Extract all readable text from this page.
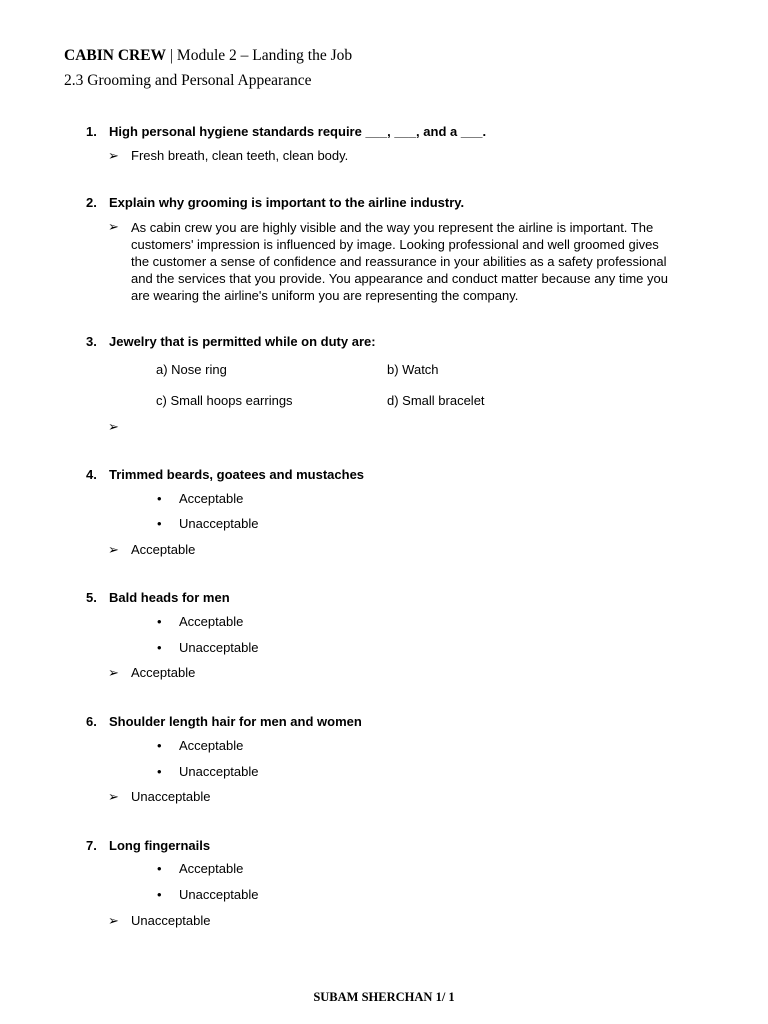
CABIN CREW | Module 2 – Landing the Job
2.3 Grooming and Personal Appearance
1. High personal hygiene standards require ___, ___, and a ___.
➢ Fresh breath, clean teeth, clean body.
2. Explain why grooming is important to the airline industry.
➢ As cabin crew you are highly visible and the way you represent the airline is important. The
customers' impression is influenced by image. Looking professional and well groomed gives
the customer a sense of confidence and reassurance in your abilities as a safety professional
and the services that you provide. You appearance and conduct matter because any time you
are wearing the airline's uniform you are representing the company.
3. Jewelry that is permitted while on duty are:
a) Nose ring	b) Watch
c) Small hoops earrings	d) Small bracelet
➢
4. Trimmed beards, goatees and mustaches
• Acceptable
• Unacceptable
➢ Acceptable
5. Bald heads for men
• Acceptable
• Unacceptable
➢ Acceptable
6. Shoulder length hair for men and women
• Acceptable
• Unacceptable
➢ Unacceptable
7. Long fingernails
• Acceptable
• Unacceptable
➢ Unacceptable
SUBAM SHERCHAN 1/ 1
